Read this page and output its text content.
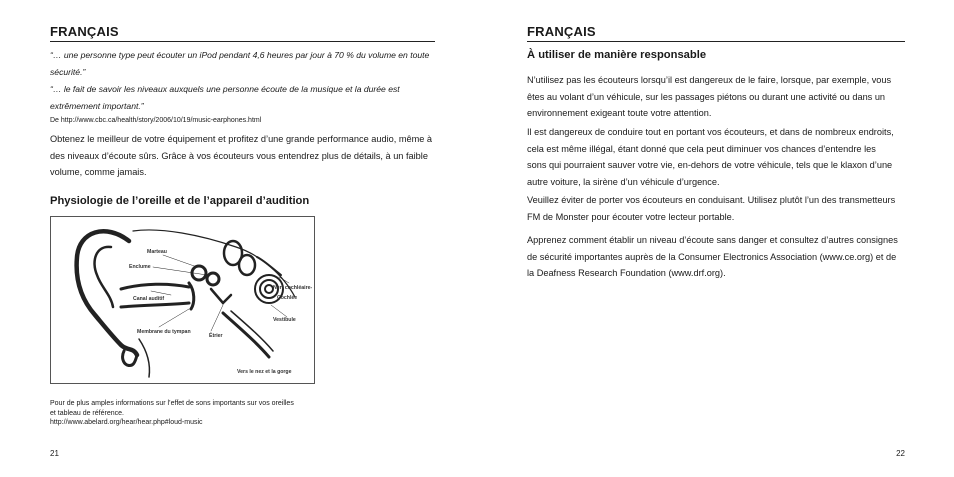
FRANÇAIS
“… une personne type peut écouter un iPod pendant 4,6 heures par jour à 70 % du volume en toute sécurité.”
“… le fait de savoir les niveaux auxquels une personne écoute de la musique et la durée est extrêmement important.”
De http://www.cbc.ca/health/story/2006/10/19/music-earphones.html
Obtenez le meilleur de votre équipement et profitez d’une grande performance audio, même à des niveaux d’écoute sûrs. Grâce à vos écouteurs vous entendrez plus de détails, à un faible volume, comme jamais.
Physiologie de l’oreille et de l’appareil d’audition
Marteau
Enclume
Canal auditif
Membrane du tympan
Étrier
Nerf cochléaire-
Cochlée
Vestibule
Vers le nez et la gorge
Pour de plus amples informations sur l’effet de sons importants sur vos oreilles
et tableau de référence.
http://www.abelard.org/hear/hear.php#loud-music
21
FRANÇAIS
À utiliser de manière responsable
N’utilisez pas les écouteurs lorsqu’il est dangereux de le faire, lorsque, par exemple, vous êtes au volant d’un véhicule, sur les passages piétons ou durant une activité ou dans un environnement exigeant toute votre attention.
Il est dangereux de conduire tout en portant vos écouteurs, et dans de nombreux endroits, cela est même illégal, étant donné que cela peut diminuer vos chances d’entendre les sons qui pourraient sauver votre vie, en-dehors de votre véhicule, tels que le klaxon d’une autre voiture, la sirène d’un véhicule d’urgence.
Veuillez éviter de porter vos écouteurs en conduisant. Utilisez plutôt l’un des transmetteurs FM de Monster pour écouter votre lecteur portable.
Apprenez comment établir un niveau d’écoute sans danger et consultez d’autres consignes de sécurité importantes auprès de la Consumer Electronics Association (www.ce.org) et de la Deafness Research Foundation (www.drf.org).
22
